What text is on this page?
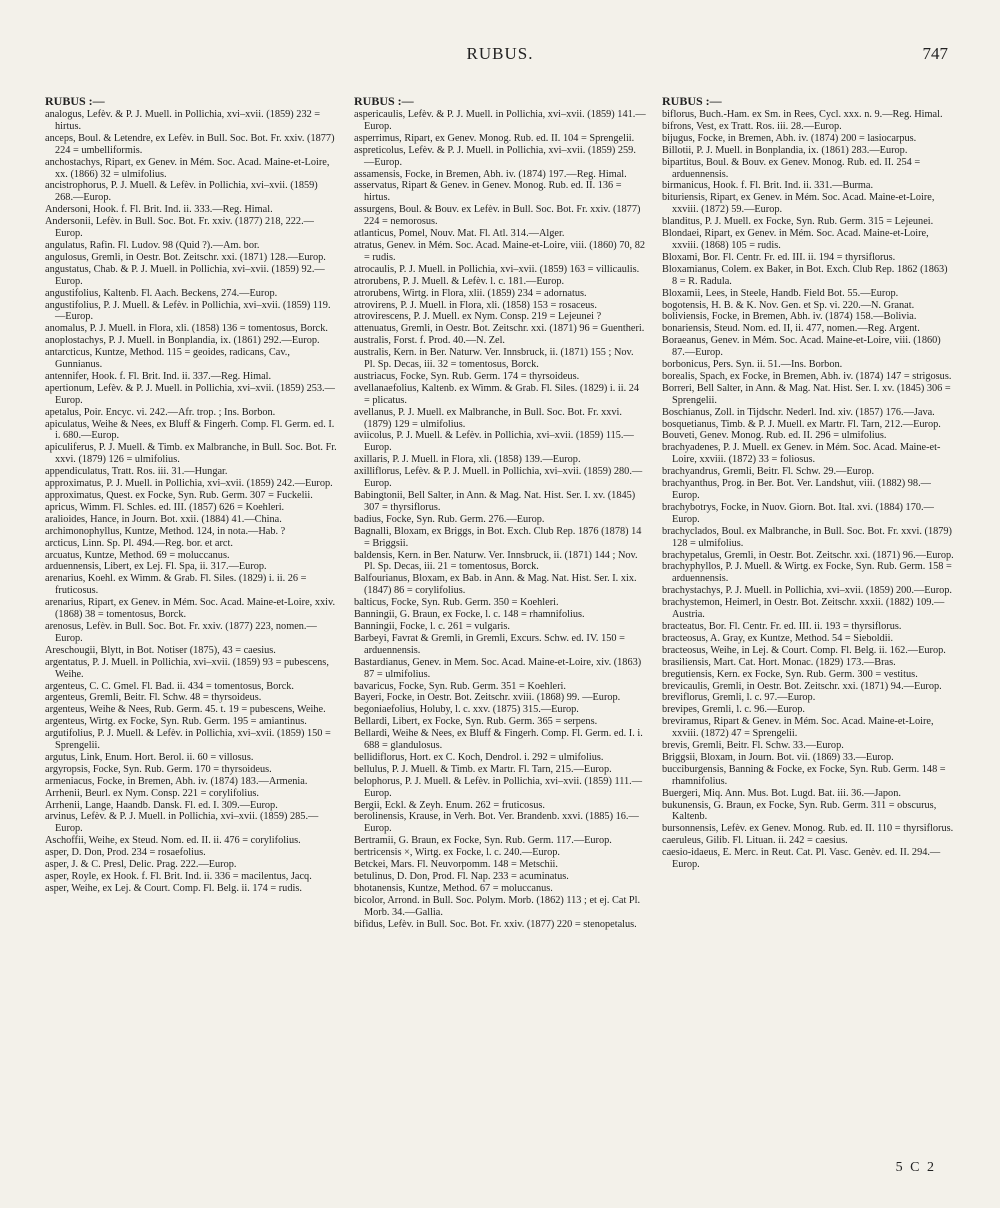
RUBUS.	747
RUBUS :—

analogus, Lefèv. & P. J. Muell. in Pollichia, xvi–xvii. (1859) 232 = hirtus.

anceps, Boul. & Letendre, ex Lefèv. in Bull. Soc. Bot. Fr. xxiv. (1877) 224 = umbelliformis.

anchostachys, Ripart, ex Genev. in Mém. Soc. Acad. Maine-et-Loire, xx. (1866) 32 = ulmifolius.

ancistrophorus, P. J. Muell. & Lefèv. in Pollichia, xvi–xvii. (1859) 268.—Europ.

Andersoni, Hook. f. Fl. Brit. Ind. ii. 333.—Reg. Himal.

Andersonii, Lefèv. in Bull. Soc. Bot. Fr. xxiv. (1877) 218, 222.—Europ.

angulatus, Rafin. Fl. Ludov. 98 (Quid ?).—Am. bor.

angulosus, Gremli, in Oestr. Bot. Zeitschr. xxi. (1871) 128.—Europ.

angustatus, Chab. & P. J. Muell. in Pollichia, xvi–xvii. (1859) 92.—Europ.

angustifolius, Kaltenb. Fl. Aach. Beckens, 274.—Europ.

angustifolius, P. J. Muell. & Lefèv. in Pollichia, xvi–xvii. (1859) 119.—Europ.

anomalus, P. J. Muell. in Flora, xli. (1858) 136 = tomentosus, Borck.

anoplostachys, P. J. Muell. in Bonplandia, ix. (1861) 292.—Europ.

antarcticus, Kuntze, Method. 115 = geoides, radicans, Cav., Gunnianus.

antennifer, Hook. f. Fl. Brit. Ind. ii. 337.—Reg. Himal.

apertionum, Lefèv. & P. J. Muell. in Pollichia, xvi–xvii. (1859) 253.—Europ.

apetalus, Poir. Encyc. vi. 242.—Afr. trop. ; Ins. Borbon.

apiculatus, Weihe & Nees, ex Bluff & Fingerh. Comp. Fl. Germ. ed. I. i. 680.—Europ.

apiculiferus, P. J. Muell. & Timb. ex Malbranche, in Bull. Soc. Bot. Fr. xxvi. (1879) 126 = ulmifolius.

appendiculatus, Tratt. Ros. iii. 31.—Hungar.

approximatus, P. J. Muell. in Pollichia, xvi–xvii. (1859) 242.—Europ.

approximatus, Quest. ex Focke, Syn. Rub. Germ. 307 = Fuckelii.

apricus, Wimm. Fl. Schles. ed. III. (1857) 626 = Koehleri.

aralioides, Hance, in Journ. Bot. xxii. (1884) 41.—China.

archimonophyllus, Kuntze, Method. 124, in nota.—Hab. ?

arcticus, Linn. Sp. Pl. 494.—Reg. bor. et arct.

arcuatus, Kuntze, Method. 69 = moluccanus.

arduennensis, Libert, ex Lej. Fl. Spa, ii. 317.—Europ.

arenarius, Koehl. ex Wimm. & Grab. Fl. Siles. (1829) i. ii. 26 = fruticosus.

arenarius, Ripart, ex Genev. in Mém. Soc. Acad. Maine-et-Loire, xxiv. (1868) 38 = tomentosus, Borck.

arenosus, Lefèv. in Bull. Soc. Bot. Fr. xxiv. (1877) 223, nomen.—Europ.

Areschougii, Blytt, in Bot. Notiser (1875), 43 = caesius.

argentatus, P. J. Muell. in Pollichia, xvi–xvii. (1859) 93 = pubescens, Weihe.

argenteus, C. C. Gmel. Fl. Bad. ii. 434 = tomentosus, Borck.

argenteus, Gremli, Beitr. Fl. Schw. 48 = thyrsoideus.

argenteus, Weihe & Nees, Rub. Germ. 45. t. 19 = pubescens, Weihe.

argenteus, Wirtg. ex Focke, Syn. Rub. Germ. 195 = amiantinus.

argutifolius, P. J. Muell. & Lefèv. in Pollichia, xvi–xvii. (1859) 150 = Sprengelii.

argutus, Link, Enum. Hort. Berol. ii. 60 = villosus.

argyropsis, Focke, Syn. Rub. Germ. 170 = thyrsoideus.

armeniacus, Focke, in Bremen, Abh. iv. (1874) 183.—Armenia.

Arrhenii, Beurl. ex Nym. Consp. 221 = corylifolius.

Arrhenii, Lange, Haandb. Dansk. Fl. ed. I. 309.—Europ.

arvinus, Lefèv. & P. J. Muell. in Pollichia, xvi–xvii. (1859) 285.—Europ.

Aschoffii, Weihe, ex Steud. Nom. ed. II. ii. 476 = corylifolius.

asper, D. Don, Prod. 234 = rosaefolius.

asper, J. & C. Presl, Delic. Prag. 222.—Europ.

asper, Royle, ex Hook. f. Fl. Brit. Ind. ii. 336 = macilentus, Jacq.

asper, Weihe, ex Lej. & Court. Comp. Fl. Belg. ii. 174 = rudis.

RUBUS :—

aspericaulis, Lefèv. & P. J. Muell. in Pollichia, xvi–xvii. (1859) 141.—Europ.

asperrimus, Ripart, ex Genev. Monog. Rub. ed. II. 104 = Sprengelii.

aspreticolus, Lefèv. & P. J. Muell. in Pollichia, xvi–xvii. (1859) 259.—Europ.

assamensis, Focke, in Bremen, Abh. iv. (1874) 197.—Reg. Himal.

asservatus, Ripart & Genev. in Genev. Monog. Rub. ed. II. 136 = hirtus.

assurgens, Boul. & Bouv. ex Lefèv. in Bull. Soc. Bot. Fr. xxiv. (1877) 224 = nemorosus.

atlanticus, Pomel, Nouv. Mat. Fl. Atl. 314.—Alger.

atratus, Genev. in Mém. Soc. Acad. Maine-et-Loire, viii. (1860) 70, 82 = rudis.

atrocaulis, P. J. Muell. in Pollichia, xvi–xvii. (1859) 163 = villicaulis.

atrorubens, P. J. Muell. & Lefèv. l. c. 181.—Europ.

atrorubens, Wirtg. in Flora, xlii. (1859) 234 = adornatus.

atrovirens, P. J. Muell. in Flora, xli. (1858) 153 = rosaceus.

atrovirescens, P. J. Muell. ex Nym. Consp. 219 = Lejeunei ?

attenuatus, Gremli, in Oestr. Bot. Zeitschr. xxi. (1871) 96 = Guentheri.

australis, Forst. f. Prod. 40.—N. Zel.

australis, Kern. in Ber. Naturw. Ver. Innsbruck, ii. (1871) 155 ; Nov. Pl. Sp. Decas, iii. 32 = tomentosus, Borck.

austriacus, Focke, Syn. Rub. Germ. 174 = thyrsoideus.

avellanaefolius, Kaltenb. ex Wimm. & Grab. Fl. Siles. (1829) i. ii. 24 = plicatus.

avellanus, P. J. Muell. ex Malbranche, in Bull. Soc. Bot. Fr. xxvi. (1879) 129 = ulmifolius.

aviicolus, P. J. Muell. & Lefèv. in Pollichia, xvi–xvii. (1859) 115.—Europ.

axillaris, P. J. Muell. in Flora, xli. (1858) 139.—Europ.

axilliflorus, Lefèv. & P. J. Muell. in Pollichia, xvi–xvii. (1859) 280.—Europ.

Babingtonii, Bell Salter, in Ann. & Mag. Nat. Hist. Ser. I. xv. (1845) 307 = thyrsiflorus.

badius, Focke, Syn. Rub. Germ. 276.—Europ.

Bagnalli, Bloxam, ex Briggs, in Bot. Exch. Club Rep. 1876 (1878) 14 = Briggsii.

baldensis, Kern. in Ber. Naturw. Ver. Innsbruck, ii. (1871) 144 ; Nov. Pl. Sp. Decas, iii. 21 = tomentosus, Borck.

Balfourianus, Bloxam, ex Bab. in Ann. & Mag. Nat. Hist. Ser. I. xix. (1847) 86 = corylifolius.

balticus, Focke, Syn. Rub. Germ. 350 = Koehleri.

Banningii, G. Braun, ex Focke, l. c. 148 = rhamnifolius.

Banningii, Focke, l. c. 261 = vulgaris.

Barbeyi, Favrat & Gremli, in Gremli, Excurs. Schw. ed. IV. 150 = arduennensis.

Bastardianus, Genev. in Mem. Soc. Acad. Maine-et-Loire, xiv. (1863) 87 = ulmifolius.

bavaricus, Focke, Syn. Rub. Germ. 351 = Koehleri.

Bayeri, Focke, in Oestr. Bot. Zeitschr. xviii. (1868) 99. —Europ.

begoniaefolius, Holuby, l. c. xxv. (1875) 315.—Europ.

Bellardi, Libert, ex Focke, Syn. Rub. Germ. 365 = serpens.

Bellardi, Weihe & Nees, ex Bluff & Fingerh. Comp. Fl. Germ. ed. I. i. 688 = glandulosus.

bellidiflorus, Hort. ex C. Koch, Dendrol. i. 292 = ulmifolius.

bellulus, P. J. Muell. & Timb. ex Martr. Fl. Tarn, 215.—Europ.

belophorus, P. J. Muell. & Lefèv. in Pollichia, xvi–xvii. (1859) 111.—Europ.

Bergii, Eckl. & Zeyh. Enum. 262 = fruticosus.

berolinensis, Krause, in Verh. Bot. Ver. Brandenb. xxvi. (1885) 16.—Europ.

Bertramii, G. Braun, ex Focke, Syn. Rub. Germ. 117.—Europ.

bertricensis ×, Wirtg. ex Focke, l. c. 240.—Europ.

Betckei, Mars. Fl. Neuvorpomm. 148 = Metschii.

betulinus, D. Don, Prod. Fl. Nap. 233 = acuminatus.

bhotanensis, Kuntze, Method. 67 = moluccanus.

bicolor, Arrond. in Bull. Soc. Polym. Morb. (1862) 113 ; et ej. Cat Pl. Morb. 34.—Gallia.

bifidus, Lefèv. in Bull. Soc. Bot. Fr. xxiv. (1877) 220 = stenopetalus.

RUBUS :—

biflorus, Buch.-Ham. ex Sm. in Rees, Cycl. xxx. n. 9.—Reg. Himal.

bifrons, Vest, ex Tratt. Ros. iii. 28.—Europ.

bijugus, Focke, in Bremen, Abh. iv. (1874) 200 = lasiocarpus.

Billotii, P. J. Muell. in Bonplandia, ix. (1861) 283.—Europ.

bipartitus, Boul. & Bouv. ex Genev. Monog. Rub. ed. II. 254 = arduennensis.

birmanicus, Hook. f. Fl. Brit. Ind. ii. 331.—Burma.

bituriensis, Ripart, ex Genev. in Mém. Soc. Acad. Maine-et-Loire, xxviii. (1872) 59.—Europ.

blanditus, P. J. Muell. ex Focke, Syn. Rub. Germ. 315 = Lejeunei.

Blondaei, Ripart, ex Genev. in Mém. Soc. Acad. Maine-et-Loire, xxviii. (1868) 105 = rudis.

Bloxami, Bor. Fl. Centr. Fr. ed. III. ii. 194 = thyrsiflorus.

Bloxamianus, Colem. ex Baker, in Bot. Exch. Club Rep. 1862 (1863) 8 = R. Radula.

Bloxamii, Lees, in Steele, Handb. Field Bot. 55.—Europ.

bogotensis, H. B. & K. Nov. Gen. et Sp. vi. 220.—N. Granat.

boliviensis, Focke, in Bremen, Abh. iv. (1874) 158.—Bolivia.

bonariensis, Steud. Nom. ed. II, ii. 477, nomen.—Reg. Argent.

Boraeanus, Genev. in Mém. Soc. Acad. Maine-et-Loire, viii. (1860) 87.—Europ.

borbonicus, Pers. Syn. ii. 51.—Ins. Borbon.

borealis, Spach, ex Focke, in Bremen, Abh. iv. (1874) 147 = strigosus.

Borreri, Bell Salter, in Ann. & Mag. Nat. Hist. Ser. I. xv. (1845) 306 = Sprengelii.

Boschianus, Zoll. in Tijdschr. Nederl. Ind. xiv. (1857) 176.—Java.

bosquetianus, Timb. & P. J. Muell. ex Martr. Fl. Tarn, 212.—Europ.

Bouveti, Genev. Monog. Rub. ed. II. 296 = ulmifolius.

brachyadenes, P. J. Muell. ex Genev. in Mém. Soc. Acad. Maine-et-Loire, xxviii. (1872) 33 = foliosus.

brachyandrus, Gremli, Beitr. Fl. Schw. 29.—Europ.

brachyanthus, Prog. in Ber. Bot. Ver. Landshut, viii. (1882) 98.—Europ.

brachybotrys, Focke, in Nuov. Giorn. Bot. Ital. xvi. (1884) 170.—Europ.

brachyclados, Boul. ex Malbranche, in Bull. Soc. Bot. Fr. xxvi. (1879) 128 = ulmifolius.

brachypetalus, Gremli, in Oestr. Bot. Zeitschr. xxi. (1871) 96.—Europ.

brachyphyllos, P. J. Muell. & Wirtg. ex Focke, Syn. Rub. Germ. 158 = arduennensis.

brachystachys, P. J. Muell. in Pollichia, xvi–xvii. (1859) 200.—Europ.

brachystemon, Heimerl, in Oestr. Bot. Zeitschr. xxxii. (1882) 109.—Austria.

bracteatus, Bor. Fl. Centr. Fr. ed. III. ii. 193 = thyrsiflorus.

bracteosus, A. Gray, ex Kuntze, Method. 54 = Sieboldii.

bracteosus, Weihe, in Lej. & Court. Comp. Fl. Belg. ii. 162.—Europ.

brasiliensis, Mart. Cat. Hort. Monac. (1829) 173.—Bras.

bregutiensis, Kern. ex Focke, Syn. Rub. Germ. 300 = vestitus.

brevicaulis, Gremli, in Oestr. Bot. Zeitschr. xxi. (1871) 94.—Europ.

breviflorus, Gremli, l. c. 97.—Europ.

brevipes, Gremli, l. c. 96.—Europ.

breviramus, Ripart & Genev. in Mém. Soc. Acad. Maine-et-Loire, xxviii. (1872) 47 = Sprengelii.

brevis, Gremli, Beitr. Fl. Schw. 33.—Europ.

Briggsii, Bloxam, in Journ. Bot. vii. (1869) 33.—Europ.

bucciburgensis, Banning & Focke, ex Focke, Syn. Rub. Germ. 148 = rhamnifolius.

Buergeri, Miq. Ann. Mus. Bot. Lugd. Bat. iii. 36.—Japon.

bukunensis, G. Braun, ex Focke, Syn. Rub. Germ. 311 = obscurus, Kaltenb.

bursonnensis, Lefèv. ex Genev. Monog. Rub. ed. II. 110 = thyrsiflorus.

caeruleus, Gilib. Fl. Lituan. ii. 242 = caesius.

caesio-idaeus, E. Merc. in Reut. Cat. Pl. Vasc. Genèv. ed. II. 294.—Europ.

5 C 2
